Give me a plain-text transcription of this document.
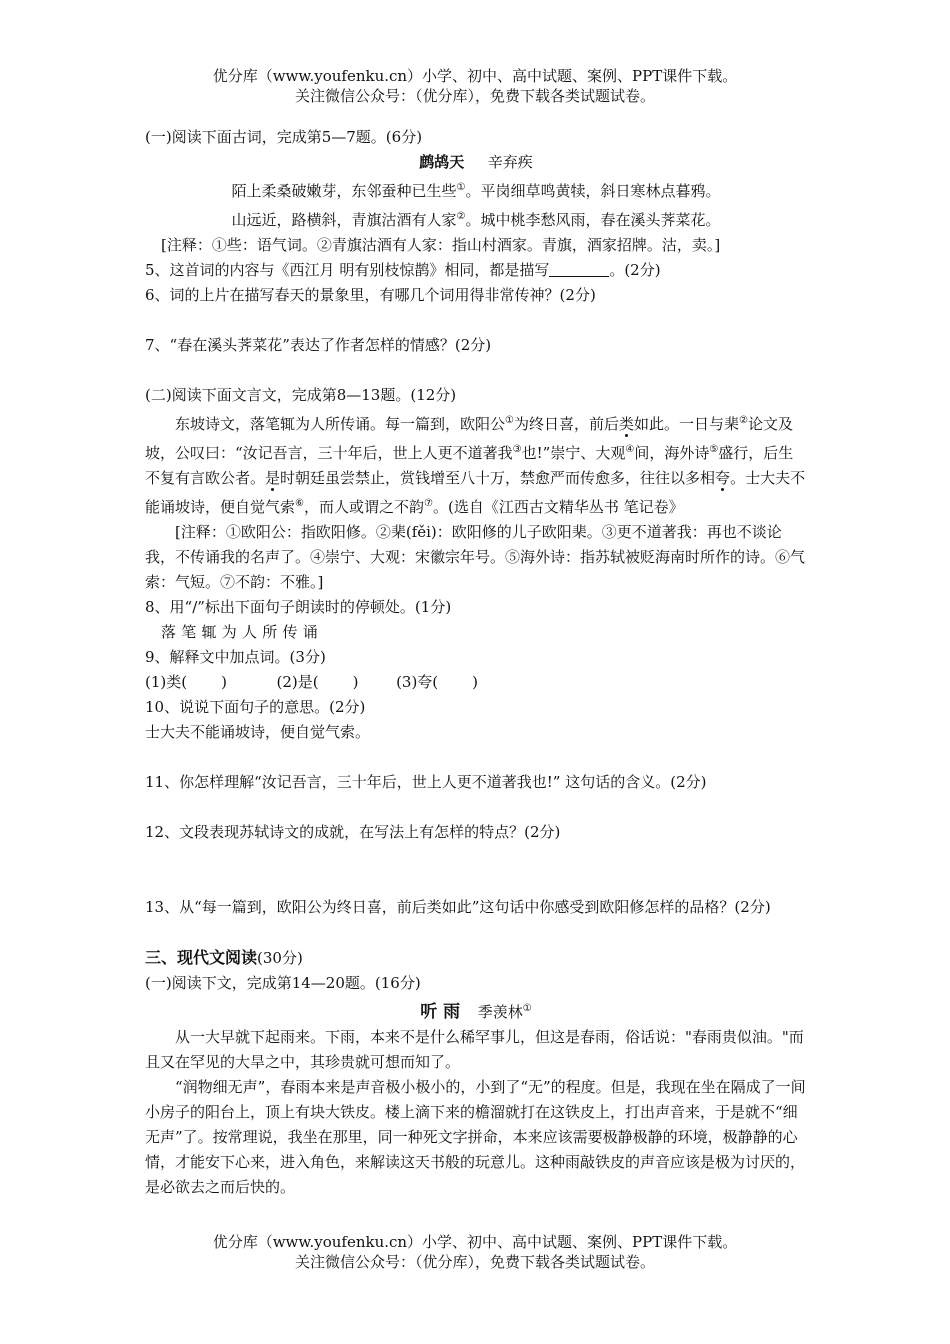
优分库（www.youfenku.cn）小学、初中、高中试题、案例、PPT课件下载。
关注微信公众号：（优分库），免费下载各类试题试卷。
(一)阅读下面古词，完成第5—7题。(6分)
鹧鸪天 辛弃疾
陌上柔桑破嫩芽，东邻蚕种已生些①。平岗细草鸣黄犊，斜日寒林点暮鸦。
山远近，路横斜，青旗沽酒有人家②。城中桃李愁风雨，春在溪头荠菜花。
[注释：①些：语气词。②青旗沽酒有人家：指山村酒家。青旗，酒家招牌。沽，卖。]
5、这首词的内容与《西江月 明有别枝惊鹊》相同，都是描写	。(2分)
6、词的上片在描写春天的景象里，有哪几个词用得非常传神？(2分)
7、“春在溪头荠菜花”表达了作者怎样的情感？(2分)
(二)阅读下面文言文，完成第8—13题。(12分)
东坡诗文，落笔辄为人所传诵。每一篇到，欧阳公①为终日喜，前后类如此。一日与棐②论文及坡，公叹曰：“汝记吾言，三十年后，世上人更不道著我③也!”崇宁、大观④间，海外诗⑤盛行，后生不复有言欧公者。是时朝廷虽尝禁止，赏钱增至八十万，禁愈严而传愈多，往往以多相夸。士大夫不能诵坡诗，便自觉气索⑥，而人或谓之不韵⑦。(选自《江西古文精华丛书 笔记卷》
[注释：①欧阳公：指欧阳修。②棐(fěi)：欧阳修的儿子欧阳棐。③更不道著我：再也不谈论我，不传诵我的名声了。④崇宁、大观：宋徽宗年号。⑤海外诗：指苏轼被贬海南时所作的诗。⑥气索：气短。⑦不韵：不雅。]
8、用“/”标出下面句子朗读时的停顿处。(1分)
落笔辄为人所传诵
9、解释文中加点词。(3分)
(1)类( )	(2)是( )	(3)夸( )
10、说说下面句子的意思。(2分)
士大夫不能诵坡诗，便自觉气索。
11、你怎样理解“汝记吾言，三十年后，世上人更不道著我也!” 这句话的含义。(2分)
12、文段表现苏轼诗文的成就，在写法上有怎样的特点？(2分)
13、从“每一篇到，欧阳公为终日喜，前后类如此”这句话中你感受到欧阳修怎样的品格？(2分)
三、现代文阅读(30分)
(一)阅读下文，完成第14—20题。(16分)
听 雨 季羡林①
从一大早就下起雨来。下雨，本来不是什么稀罕事儿，但这是春雨，俗话说："春雨贵似油。"而且又在罕见的大旱之中，其珍贵就可想而知了。
“润物细无声”，春雨本来是声音极小极小的，小到了“无”的程度。但是，我现在坐在隔成了一间小房子的阳台上，顶上有块大铁皮。楼上滴下来的檐溜就打在这铁皮上，打出声音来，于是就不“细无声”了。按常理说，我坐在那里，同一种死文字拼命，本来应该需要极静极静的环境，极静静的心情，才能安下心来，进入角色，来解读这天书般的玩意儿。这种雨敲铁皮的声音应该是极为讨厌的，是必欲去之而后快的。
优分库（www.youfenku.cn）小学、初中、高中试题、案例、PPT课件下载。
关注微信公众号：（优分库），免费下载各类试题试卷。
